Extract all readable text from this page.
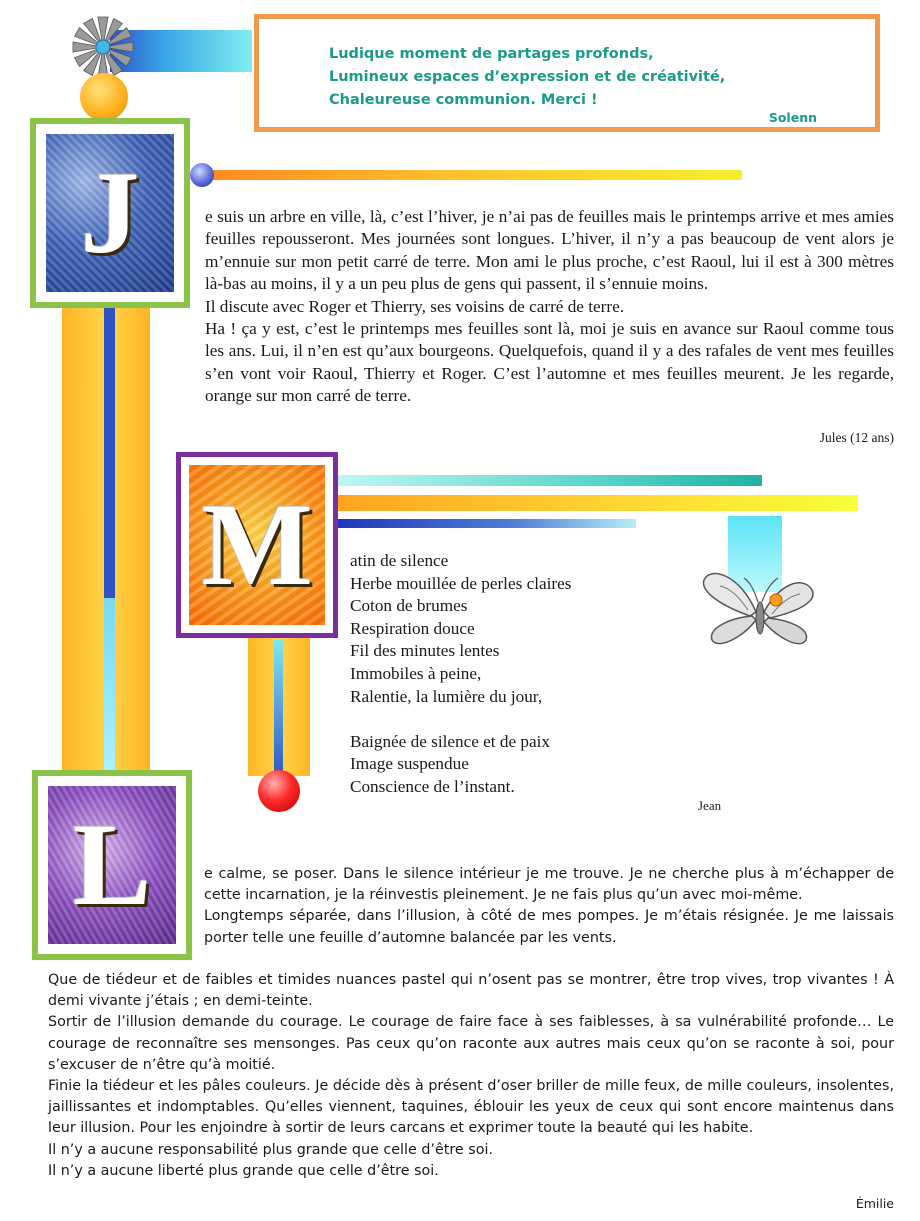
Ludique moment de partages profonds,
Lumineux espaces d’expression et de créativité,
Chaleureuse communion. Merci !
Solenn
J	e suis un arbre en ville, là, c’est l’hiver, je n’ai pas de feuilles mais le printemps arrive et mes amies feuilles repousseront. Mes journées sont longues. L’hiver, il n’y a pas beaucoup de vent alors je m’ennuie sur mon petit carré de terre. Mon ami le plus proche, c’est Raoul, lui il est à 300 mètres là-bas au moins, il y a un peu plus de gens qui passent, il s’ennuie moins.

Il discute avec Roger et Thierry, ses voisins de carré de terre.

Ha ! ça y est, c’est le printemps mes feuilles sont là, moi je suis en avance sur Raoul comme tous les ans. Lui, il n’en est qu’aux bourgeons. Quelquefois, quand il y a des rafales de vent mes feuilles s’en vont voir Raoul, Thierry et Roger. C’est l’automne et mes feuilles meurent. Je les regarde, orange sur mon carré de terre.

Jules (12 ans)
M atin de silence
Herbe mouillée de perles claires
Coton de brumes
Respiration douce
Fil des minutes lentes
Immobiles à peine,
Ralentie, la lumière du jour,
Baignée de silence et de paix
Image suspendue
Conscience de l’instant.
Jean
L	e calme, se poser. Dans le silence intérieur je me trouve. Je ne cherche plus à m’échapper de cette incarnation, je la réinvestis pleinement. Je ne fais plus qu’un avec moi-même.

Longtemps séparée, dans l’illusion, à côté de mes pompes. Je m’étais résignée. Je me laissais porter telle une feuille d’automne balancée par les vents.

Que de tiédeur et de faibles et timides nuances pastel qui n’osent pas se montrer, être trop vives, trop vivantes ! À demi vivante j’étais ; en demi-teinte.

Sortir de l’illusion demande du courage. Le courage de faire face à ses faiblesses, à sa vulnérabilité profonde… Le courage de reconnaître ses mensonges. Pas ceux qu’on raconte aux autres mais ceux qu’on se raconte à soi, pour s’excuser de n’être qu’à moitié.

Finie la tiédeur et les pâles couleurs. Je décide dès à présent d’oser briller de mille feux, de mille couleurs, insolentes, jaillissantes et indomptables. Qu’elles viennent, taquines, éblouir les yeux de ceux qui sont encore maintenus dans leur illusion. Pour les enjoindre à sortir de leurs carcans et exprimer toute la beauté qui les habite.

Il n’y a aucune responsabilité plus grande que celle d’être soi.

Il n’y a aucune liberté plus grande que celle d’être soi.

Émilie
